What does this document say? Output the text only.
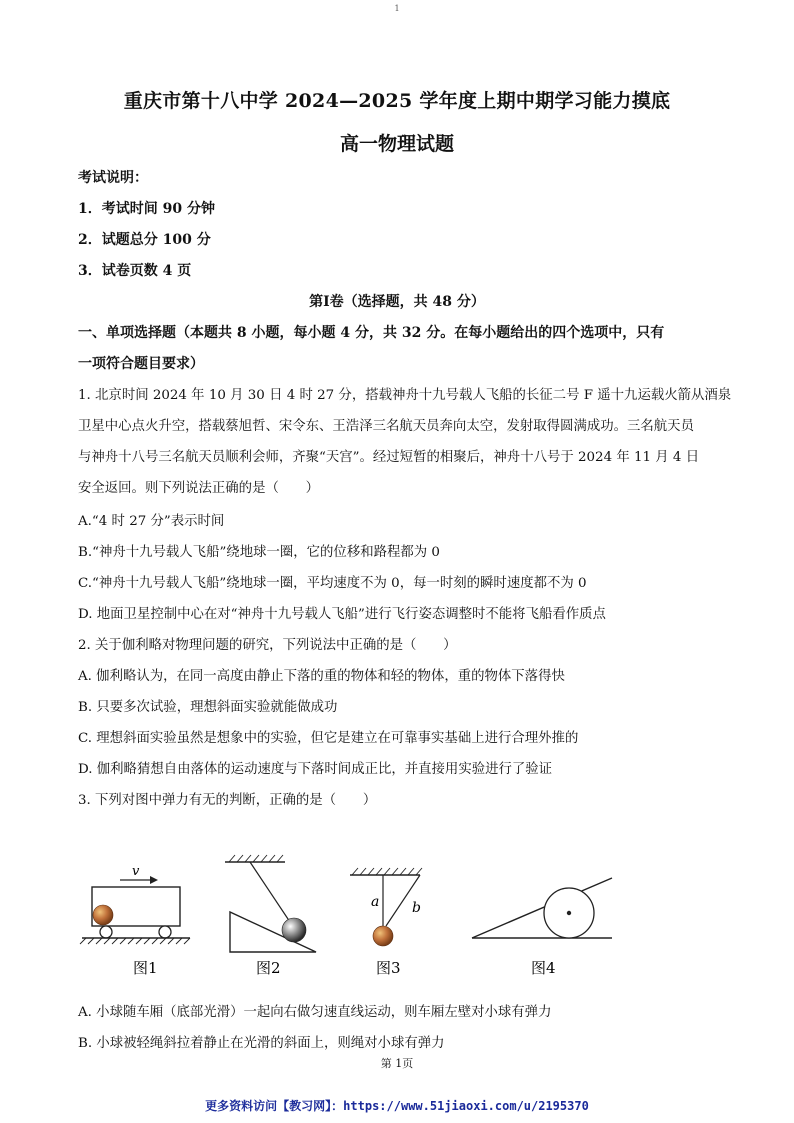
1
重庆市第十八中学 2024—2025 学年度上期中期学习能力摸底
高一物理试题
考试说明：
1．考试时间 90 分钟
2．试题总分 100 分
3．试卷页数 4 页
第Ⅰ卷（选择题，共 48 分）
一、单项选择题（本题共 8 小题，每小题 4 分，共 32 分。在每小题给出的四个选项中，只有
一项符合题目要求）
1. 北京时间 2024 年 10 月 30 日 4 时 27 分，搭载神舟十九号载人飞船的长征二号 F 遥十九运载火箭从酒泉
卫星中心点火升空，搭载蔡旭哲、宋令东、王浩泽三名航天员奔向太空，发射取得圆满成功。三名航天员
与神舟十八号三名航天员顺利会师，齐聚“天宫”。经过短暂的相聚后，神舟十八号于 2024 年 11 月 4 日
安全返回。则下列说法正确的是（　　）
A.“4 时 27 分”表示时间
B.“神舟十九号载人飞船”绕地球一圈，它的位移和路程都为 0
C.“神舟十九号载人飞船”绕地球一圈，平均速度不为 0，每一时刻的瞬时速度都不为 0
D. 地面卫星控制中心在对“神舟十九号载人飞船”进行飞行姿态调整时不能将飞船看作质点
2. 关于伽利略对物理问题的研究，下列说法中正确的是（　　）
A. 伽利略认为，在同一高度由静止下落的重的物体和轻的物体，重的物体下落得快
B. 只要多次试验，理想斜面实验就能做成功
C. 理想斜面实验虽然是想象中的实验，但它是建立在可靠事实基础上进行合理外推的
D. 伽利略猜想自由落体的运动速度与下落时间成正比，并直接用实验进行了验证
3. 下列对图中弹力有无的判断，正确的是（　　）
v
a b
图1	图2	图3	图4
A. 小球随车厢（底部光滑）一起向右做匀速直线运动，则车厢左壁对小球有弹力
B. 小球被轻绳斜拉着静止在光滑的斜面上，则绳对小球有弹力
第 1页
更多资料访问【教习网】：https://www.51jiaoxi.com/u/2195370
